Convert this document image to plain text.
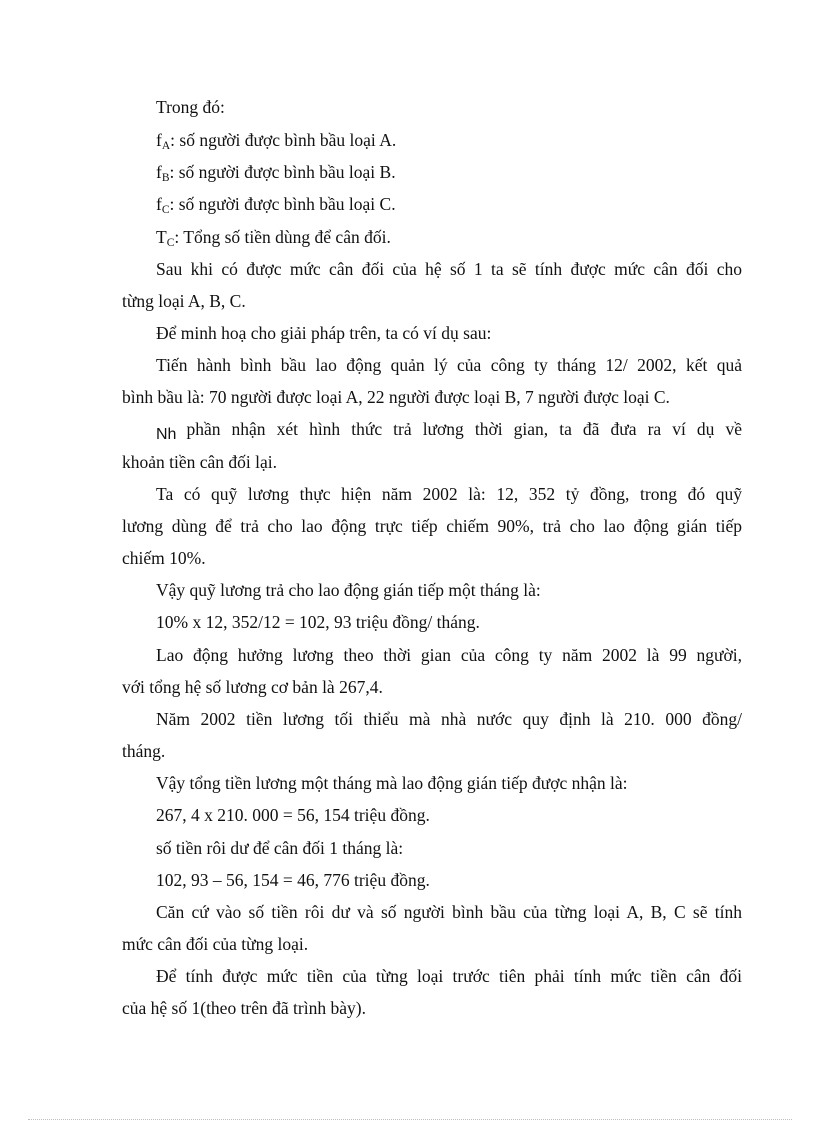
Trong đó:
$f_A$: số người được bình bầu loại A.
$f_B$: số người được bình bầu loại B.
$f_C$: số người được bình bầu loại C.
$T_C$: Tổng số tiền dùng để cân đối.
Sau khi có được mức cân đối của hệ số 1 ta sẽ tính được mức cân đối cho
từng loại A, B, C.
Để minh hoạ cho giải pháp trên, ta có ví dụ sau:
Tiến hành bình bầu lao động quản lý của công ty tháng 12/ 2002, kết quả
bình bầu là: 70 người được loại A, 22 người được loại B, 7 người được loại C.
Nh phần nhận xét hình thức trả lương thời gian, ta đã đưa ra ví dụ về
khoản tiền cân đối lại.
Ta có quỹ lương thực hiện năm 2002 là: 12, 352 tỷ đồng, trong đó quỹ
lương dùng để trả cho lao động trực tiếp chiếm 90%, trả cho lao động gián tiếp
chiếm 10%.
Vậy quỹ lương trả cho lao động gián tiếp một tháng là:
10% x 12, 352/12 = 102, 93 triệu đồng/ tháng.
Lao động hưởng lương theo thời gian của công ty năm 2002 là 99 người,
với tổng hệ số lương cơ bản là 267,4.
Năm 2002 tiền lương tối thiểu mà nhà nước quy định là 210. 000 đồng/
tháng.
Vậy tổng tiền lương một tháng mà lao động gián tiếp được nhận là:
267, 4 x 210. 000 = 56, 154 triệu đồng.
số tiền rôi dư để cân đối 1 tháng là:
102, 93 – 56, 154 = 46, 776 triệu đồng.
Căn cứ vào số tiền rôi dư và số người bình bầu của từng loại A, B, C sẽ tính
mức cân đối của từng loại.
Để tính được mức tiền của từng loại trước tiên phải tính mức tiền cân đối
của hệ số 1(theo trên đã trình bày).
